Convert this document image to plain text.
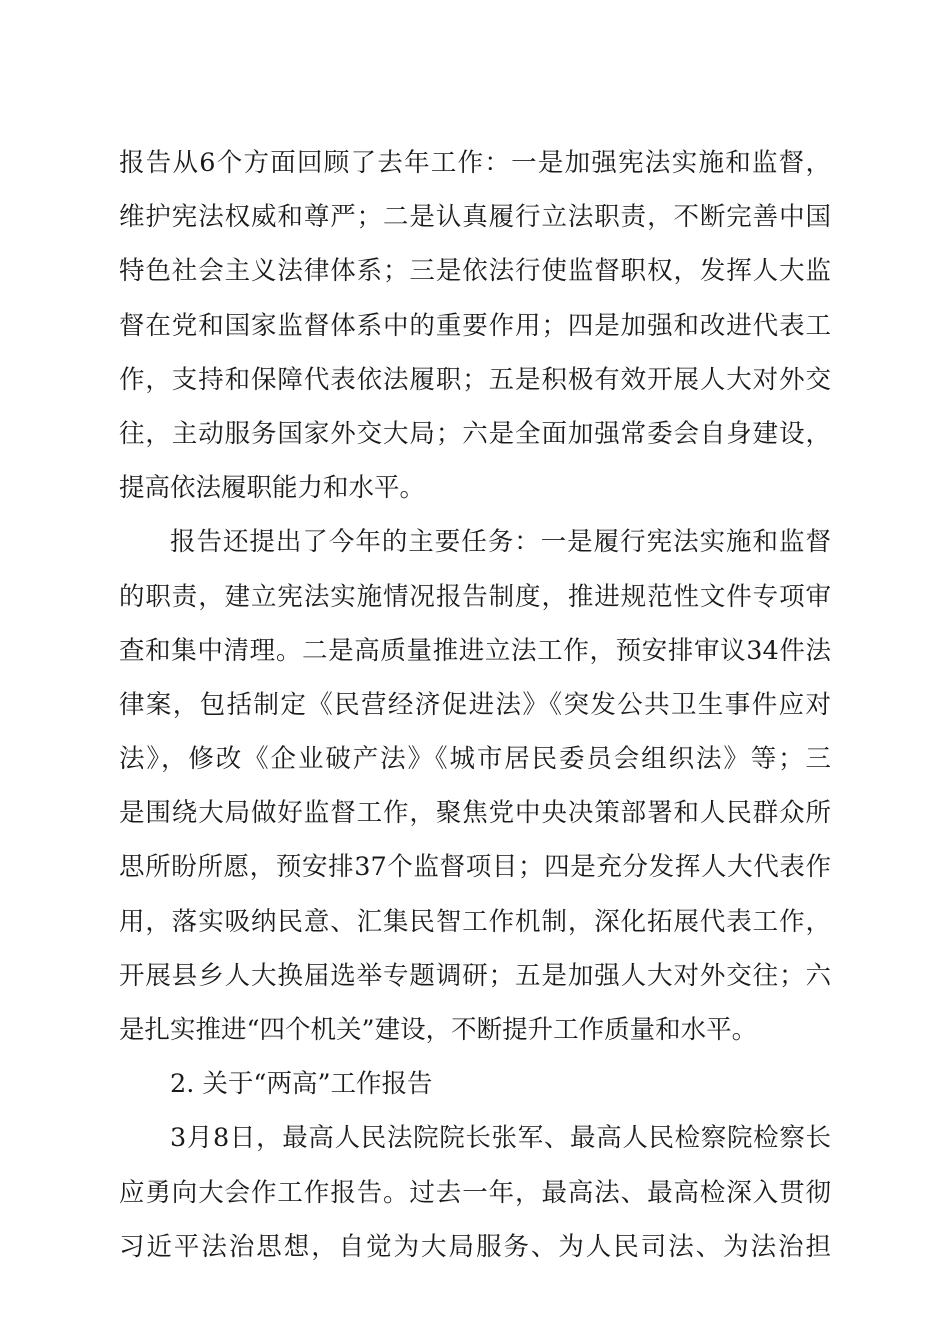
报告从6个方面回顾了去年工作：一是加强宪法实施和监督，
维护宪法权威和尊严；二是认真履行立法职责，不断完善中国
特色社会主义法律体系；三是依法行使监督职权，发挥人大监
督在党和国家监督体系中的重要作用；四是加强和改进代表工
作，支持和保障代表依法履职；五是积极有效开展人大对外交
往，主动服务国家外交大局；六是全面加强常委会自身建设，
提高依法履职能力和水平。
报告还提出了今年的主要任务：一是履行宪法实施和监督
的职责，建立宪法实施情况报告制度，推进规范性文件专项审
查和集中清理。二是高质量推进立法工作，预安排审议34件法
律案，包括制定《民营经济促进法》《突发公共卫生事件应对
法》，修改《企业破产法》《城市居民委员会组织法》等；三
是围绕大局做好监督工作，聚焦党中央决策部署和人民群众所
思所盼所愿，预安排37个监督项目；四是充分发挥人大代表作
用，落实吸纳民意、汇集民智工作机制，深化拓展代表工作，
开展县乡人大换届选举专题调研；五是加强人大对外交往；六
是扎实推进“四个机关”建设，不断提升工作质量和水平。
2. 关于“两高”工作报告
3月8日，最高人民法院院长张军、最高人民检察院检察长
应勇向大会作工作报告。过去一年，最高法、最高检深入贯彻
习近平法治思想，自觉为大局服务、为人民司法、为法治担
